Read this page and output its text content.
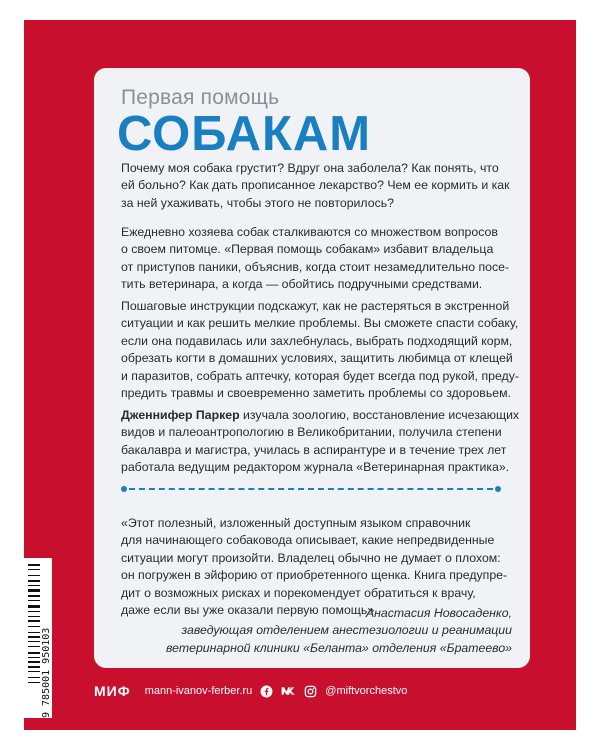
Первая помощь
СОБАКАМ

Почему моя собака грустит? Вдруг она заболела? Как понять, что
ей больно? Как дать прописанное лекарство? Чем ее кормить и как
за ней ухаживать, чтобы этого не повторилось?

Ежедневно хозяева собак сталкиваются со множеством вопросов
о своем питомце. «Первая помощь собакам» избавит владельца
от приступов паники, объяснив, когда стоит незамедлительно посе-
тить ветеринара, а когда — обойтись подручными средствами.

Пошаговые инструкции подскажут, как не растеряться в экстренной
ситуации и как решить мелкие проблемы. Вы сможете спасти собаку,
если она подавилась или захлебнулась, выбрать подходящий корм,
обрезать когти в домашних условиях, защитить любимца от клещей
и паразитов, собрать аптечку, которая будет всегда под рукой, преду-
предить травмы и своевременно заметить проблемы со здоровьем.

Дженнифер Паркер изучала зоологию, восстановление исчезающих
видов и палеоантропологию в Великобритании, получила степени
бакалавра и магистра, училась в аспирантуре и в течение трех лет
работала ведущим редактором журнала «Ветеринарная практика».

«Этот полезный, изложенный доступным языком справочник
для начинающего собаковода описывает, какие непредвиденные
ситуации могут произойти. Владелец обычно не думает о плохом:
он погружен в эйфорию от приобретенного щенка. Книга предупре-
дит о возможных рисках и порекомендует обратиться к врачу,
даже если вы уже оказали первую помощь».

Анастасия Новосаденко,
заведующая отделением анестезиологии и реанимации
ветеринарной клиники «Беланта» отделения «Братеево»
9 785001 950103	МИФ mann-ivanov-ferber.ru	@miftvorchestvo
